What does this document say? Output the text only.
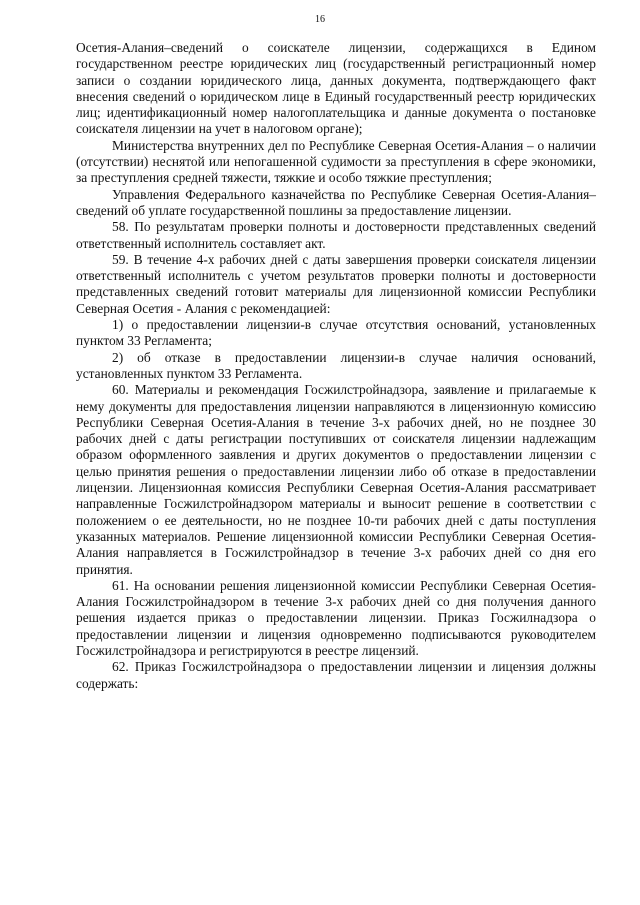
16

Осетия-Алания–сведений о соискателе лицензии, содержащихся в Едином государственном реестре юридических лиц (государственный регистрационный номер записи о создании юридического лица, данных документа, подтверждающего факт внесения сведений о юридическом лице в Единый государственный реестр юридических лиц; идентификационный номер налогоплательщика и данные документа о постановке соискателя лицензии на учет в налоговом органе);

Министерства внутренних дел по Республике Северная Осетия-Алания – о наличии (отсутствии) неснятой или непогашенной судимости за преступления в сфере экономики, за преступления средней тяжести, тяжкие и особо тяжкие преступления;

Управления Федерального казначейства по Республике Северная Осетия-Алания–сведений об уплате государственной пошлины за предоставление лицензии.

58. По результатам проверки полноты и достоверности представленных сведений ответственный исполнитель составляет акт.

59. В течение 4-х рабочих дней с даты завершения проверки соискателя лицензии ответственный исполнитель с учетом результатов проверки полноты и достоверности представленных сведений готовит материалы для лицензионной комиссии Республики Северная Осетия - Алания с рекомендацией:

1) о предоставлении лицензии-в случае отсутствия оснований, установленных пунктом 33 Регламента;

2) об отказе в предоставлении лицензии-в случае наличия оснований, установленных пунктом 33 Регламента.

60. Материалы и рекомендация Госжилстройнадзора, заявление и прилагаемые к нему документы для предоставления лицензии направляются в лицензионную комиссию Республики Северная Осетия-Алания в течение 3-х рабочих дней, но не позднее 30 рабочих дней с даты регистрации поступивших от соискателя лицензии надлежащим образом оформленного заявления и других документов о предоставлении лицензии с целью принятия решения о предоставлении лицензии либо об отказе в предоставлении лицензии. Лицензионная комиссия Республики Северная Осетия-Алания рассматривает направленные Госжилстройнадзором материалы и выносит решение в соответствии с положением о ее деятельности, но не позднее 10-ти рабочих дней с даты поступления указанных материалов. Решение лицензионной комиссии Республики Северная Осетия-Алания направляется в Госжилстройнадзор в течение 3-х рабочих дней со дня его принятия.

61. На основании решения лицензионной комиссии Республики Северная Осетия-Алания Госжилстройнадзором в течение 3-х рабочих дней со дня получения данного решения издается приказ о предоставлении лицензии. Приказ Госжилнадзора о предоставлении лицензии и лицензия одновременно подписываются руководителем Госжилстройнадзора и регистрируются в реестре лицензий.

62. Приказ Госжилстройнадзора о предоставлении лицензии и лицензия должны содержать:
